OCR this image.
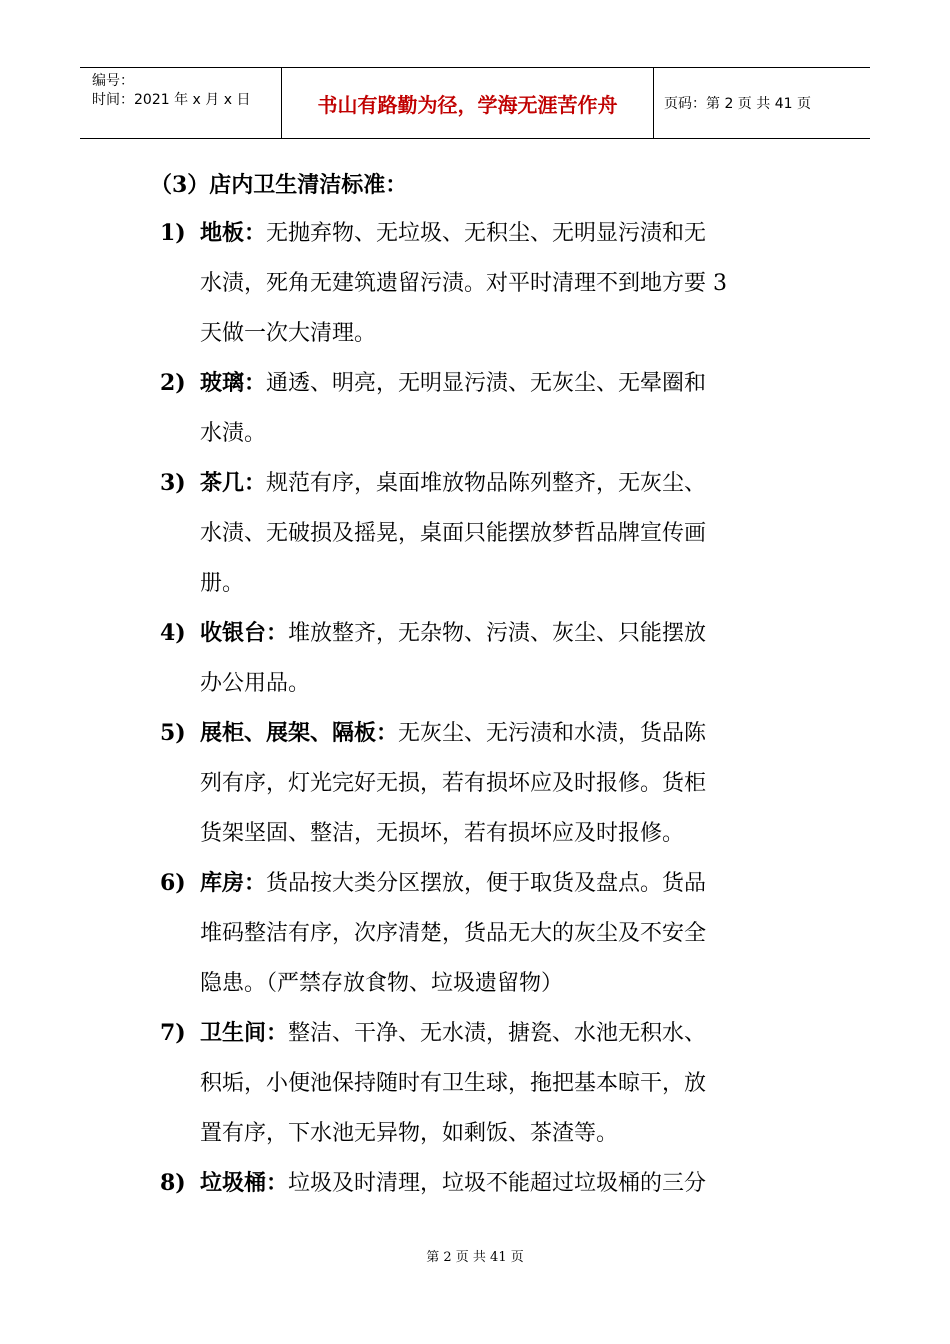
编号：
时间：2021 年 x 月 x 日	书山有路勤为径，学海无涯苦作舟	页码：第 2 页 共 41 页
（3）店内卫生清洁标准：
1) 地板：无抛弃物、无垃圾、无积尘、无明显污渍和无
水渍，死角无建筑遗留污渍。对平时清理不到地方要 3
天做一次大清理。
2) 玻璃：通透、明亮，无明显污渍、无灰尘、无晕圈和
水渍。
3) 茶几：规范有序，桌面堆放物品陈列整齐，无灰尘、
水渍、无破损及摇晃，桌面只能摆放梦哲品牌宣传画
册。
4) 收银台：堆放整齐，无杂物、污渍、灰尘、只能摆放
办公用品。
5) 展柜、展架、隔板：无灰尘、无污渍和水渍，货品陈
列有序，灯光完好无损，若有损坏应及时报修。货柜
货架坚固、整洁，无损坏，若有损坏应及时报修。
6) 库房：货品按大类分区摆放，便于取货及盘点。货品
堆码整洁有序，次序清楚，货品无大的灰尘及不安全
隐患。（严禁存放食物、垃圾遗留物）
7) 卫生间：整洁、干净、无水渍，搪瓷、水池无积水、
积垢，小便池保持随时有卫生球，拖把基本晾干，放
置有序，下水池无异物，如剩饭、茶渣等。
8) 垃圾桶：垃圾及时清理，垃圾不能超过垃圾桶的三分
第 2 页 共 41 页
